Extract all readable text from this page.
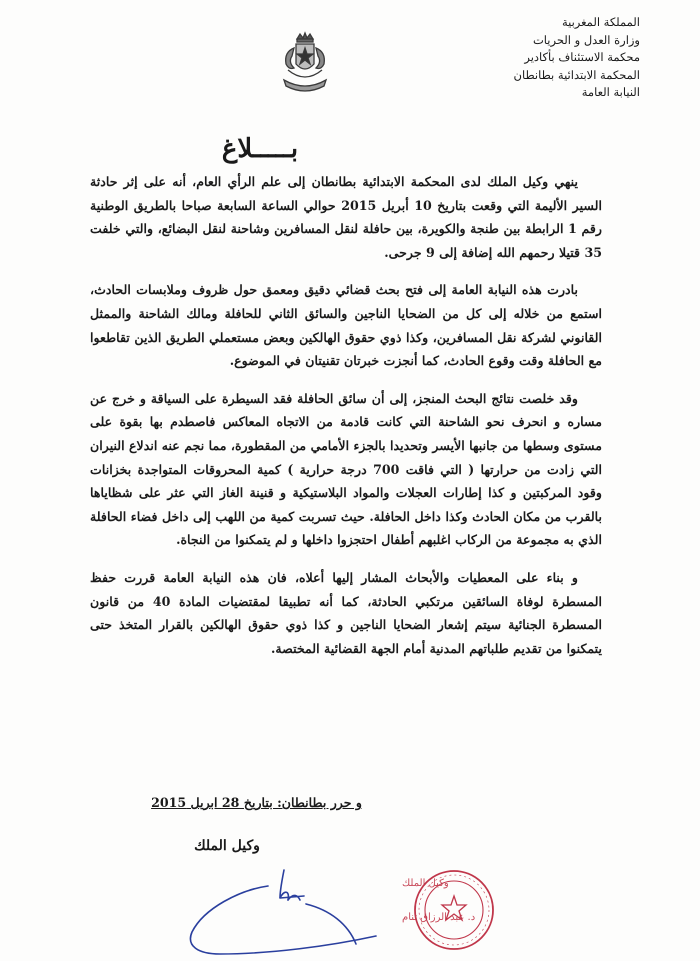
المملكة المغربية
وزارة العدل و الحريات
محكمة الاستئناف بأكادير
المحكمة الابتدائية بطانطان
النيابة العامة
بـــــلاغ

ينهي وكيل الملك لدى المحكمة الابتدائية بطانطان إلى علم الرأي العام، أنه على إثر حادثة السير الأليمة التي وقعت بتاريخ 10 أبريل 2015 حوالي الساعة السابعة صباحا بالطريق الوطنية رقم 1 الرابطة بين طنجة والكويرة، بين حافلة لنقل المسافرين وشاحنة لنقل البضائع، والتي خلفت 35 قتيلا رحمهم الله إضافة إلى 9 جرحى.

بادرت هذه النيابة العامة إلى فتح بحث قضائي دقيق ومعمق حول ظروف وملابسات الحادث، استمع من خلاله إلى كل من الضحايا الناجين والسائق الثاني للحافلة ومالك الشاحنة والممثل القانوني لشركة نقل المسافرين، وكذا ذوي حقوق الهالكين وبعض مستعملي الطريق الذين تقاطعوا مع الحافلة وقت وقوع الحادث، كما أنجزت خبرتان تقنيتان في الموضوع.

وقد خلصت نتائج البحث المنجز، إلى أن سائق الحافلة فقد السيطرة على السياقة و خرج عن مساره و انحرف نحو الشاحنة التي كانت قادمة من الاتجاه المعاكس فاصطدم بها بقوة على مستوى وسطها من جانبها الأيسر وتحديدا بالجزء الأمامي من المقطورة، مما نجم عنه اندلاع النيران التي زادت من حرارتها ( التي فاقت 700 درجة حرارية ) كمية المحروقات المتواجدة بخزانات وقود المركبتين و كذا إطارات العجلات والمواد البلاستيكية و قنينة الغاز التي عثر على شظاياها بالقرب من مكان الحادث وكذا داخل الحافلة. حيث تسربت كمية من اللهب إلى داخل فضاء الحافلة الذي به مجموعة من الركاب اغلبهم أطفال احتجزوا داخلها و لم يتمكنوا من النجاة.

و بناء على المعطيات والأبحاث المشار إليها أعلاه، فان هذه النيابة العامة قررت حفظ المسطرة لوفاة السائقين مرتكبي الحادثة، كما أنه تطبيقا لمقتضيات المادة 40 من قانون المسطرة الجنائية سيتم إشعار الضحايا الناجين و كذا ذوي حقوق الهالكين بالقرار المتخذ حتى يتمكنوا من تقديم طلباتهم المدنية أمام الجهة القضائية المختصة.

و حرر بطانطان: بتاريخ 28 ابريل 2015
وكيل الملك
وكيل الملك
د. عبد الرزاق تنام
